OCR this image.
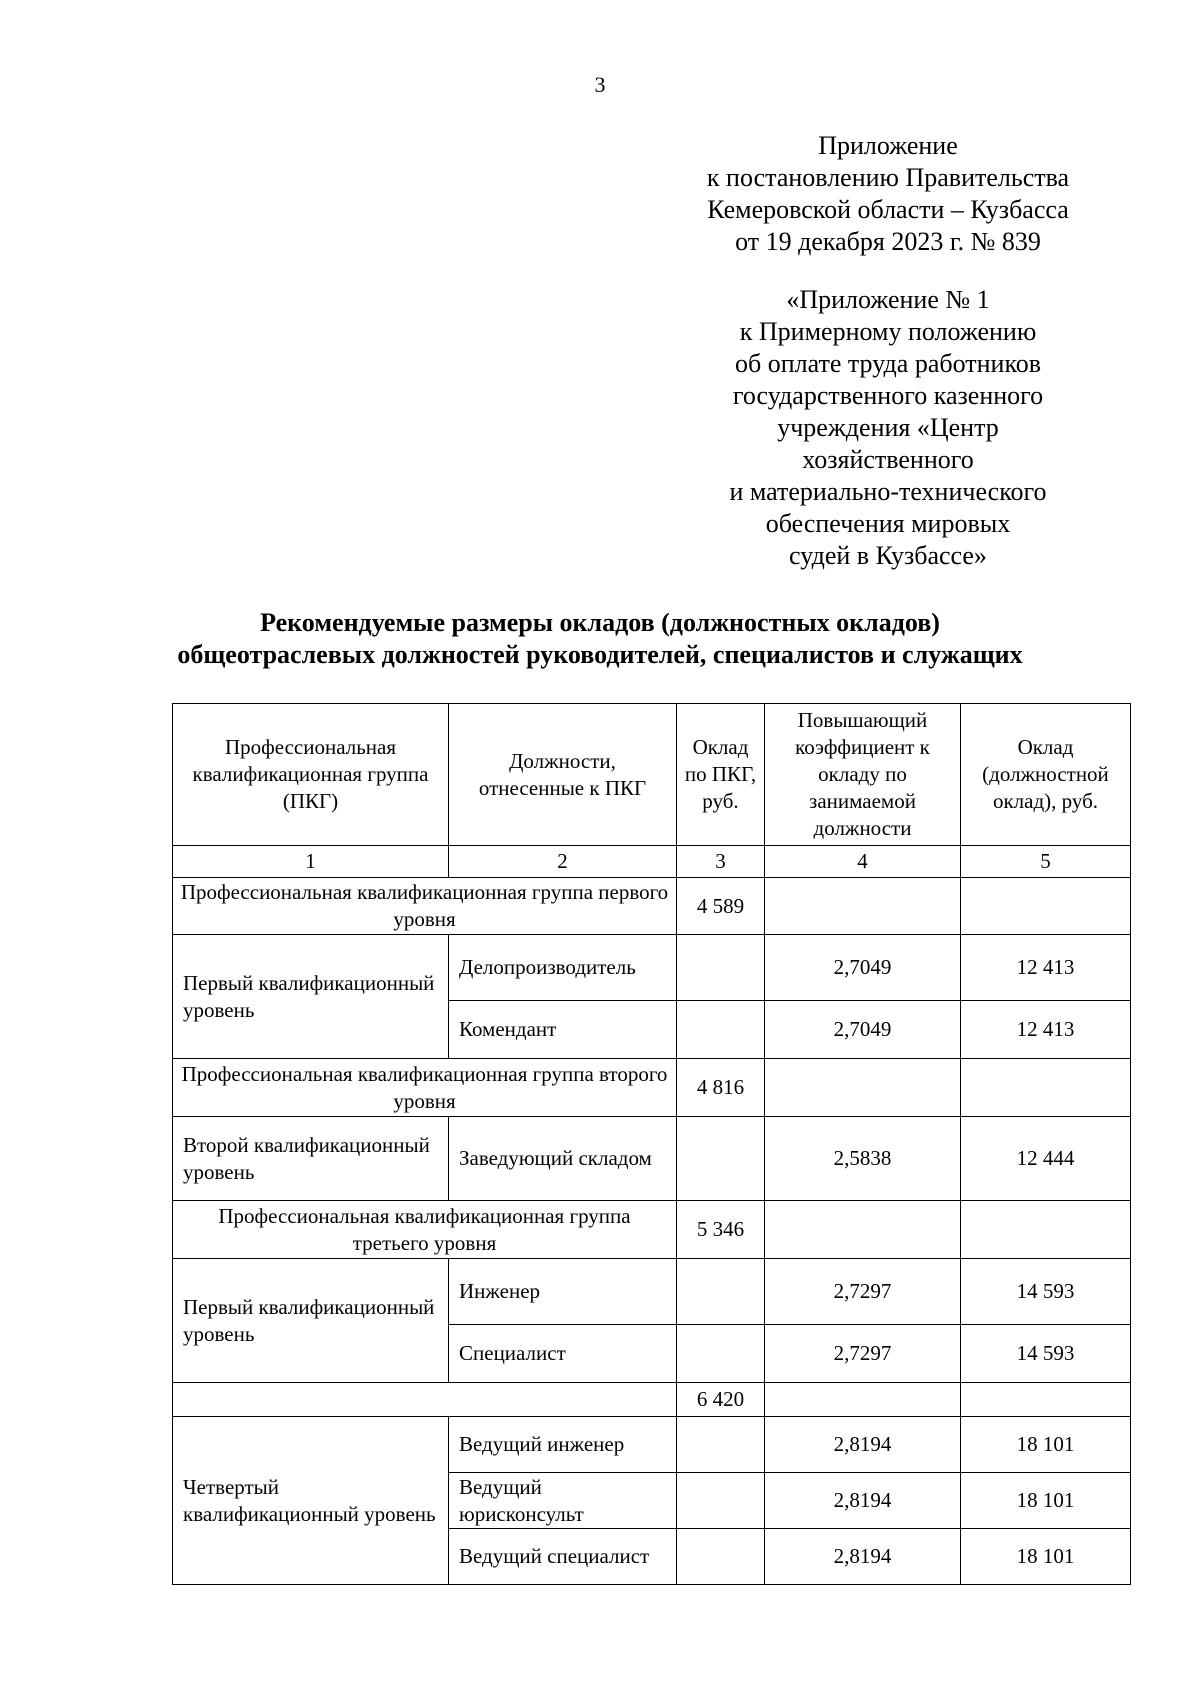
3
Приложение
к постановлению Правительства
Кемеровской области – Кузбасса
от 19 декабря 2023 г. № 839
«Приложение № 1
к Примерному положению
об оплате труда работников
государственного казенного
учреждения «Центр
хозяйственного
и материально-технического
обеспечения мировых
судей в Кузбассе»
Рекомендуемые размеры окладов (должностных окладов)
общеотраслевых должностей руководителей, специалистов и служащих
Профессиональная квалификационная группа (ПКГ)	Должности, отнесенные к ПКГ	Оклад по ПКГ, руб.	Повышающий коэффициент к окладу по занимаемой должности	Оклад (должностной оклад), руб.
1	2	3	4	5
Профессиональная квалификационная группа первого уровня		4 589		
Первый квалификационный уровень	Делопроизводитель		2,7049	12 413
	Комендант		2,7049	12 413
Профессиональная квалификационная группа второго уровня		4 816		
Второй квалификационный уровень	Заведующий складом		2,5838	12 444
Профессиональная квалификационная группа третьего уровня		5 346		
Первый квалификационный уровень	Инженер		2,7297	14 593
	Специалист		2,7297	14 593
		6 420		
Четвертый квалификационный уровень	Ведущий инженер		2,8194	18 101
	Ведущий юрисконсульт		2,8194	18 101
	Ведущий специалист		2,8194	18 101
